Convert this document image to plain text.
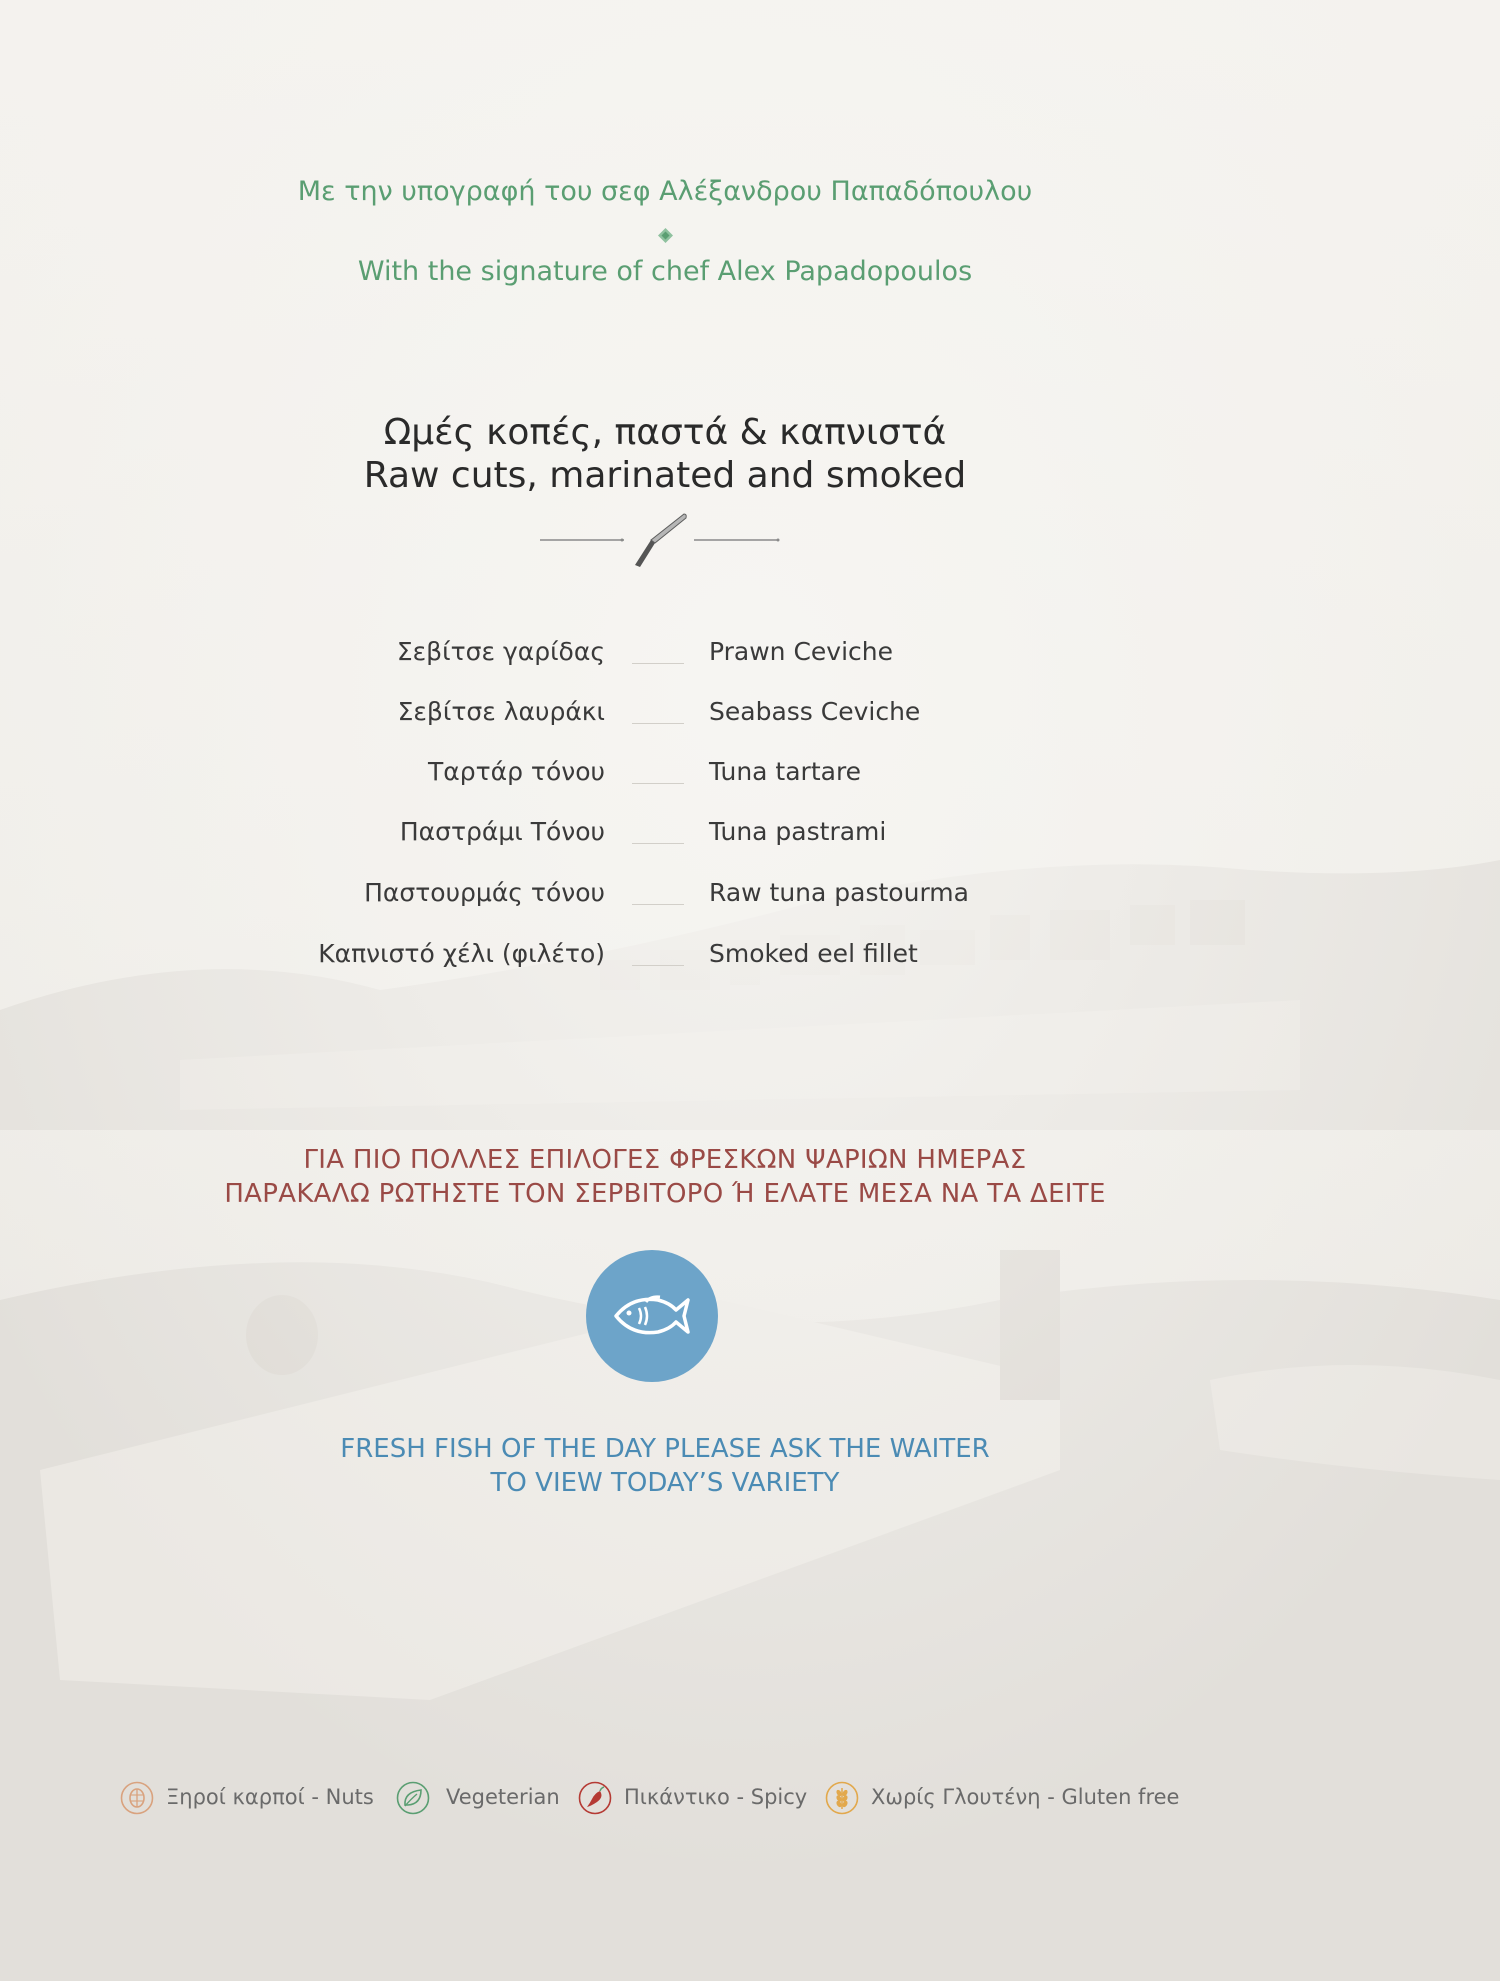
Με την υπογραφή του σεφ Αλέξανδρου Παπαδόπουλου
With the signature of chef Alex Papadopoulos
Ωμές κοπές, παστά & καπνιστά
Raw cuts, marinated and smoked
Σεβίτσε γαρίδας	Prawn Ceviche
Σεβίτσε λαυράκι	Seabass Ceviche
Ταρτάρ τόνου	Tuna tartare
Παστράμι Τόνου	Tuna pastrami
Παστουρμάς τόνου	Raw tuna pastourma
Καπνιστό χέλι (φιλέτο)	Smoked eel fillet
ΓΙΑ ΠΙΟ ΠΟΛΛΕΣ ΕΠΙΛΟΓΕΣ ΦΡΕΣΚΩΝ ΨΑΡΙΩΝ ΗΜΕΡΑΣ
ΠΑΡΑΚΑΛΩ ΡΩΤΗΣΤΕ ΤΟΝ ΣΕΡΒΙΤΟΡΟ Ή ΕΛΑΤΕ ΜΕΣΑ ΝΑ ΤΑ ΔΕΙΤΕ
FRESH FISH OF THE DAY PLEASE ASK THE WAITER
TO VIEW TODAY’S VARIETY
Ξηροί καρποί - Nuts	Vegeterian	Πικάντικο - Spicy	Χωρίς Γλουτένη - Gluten free
